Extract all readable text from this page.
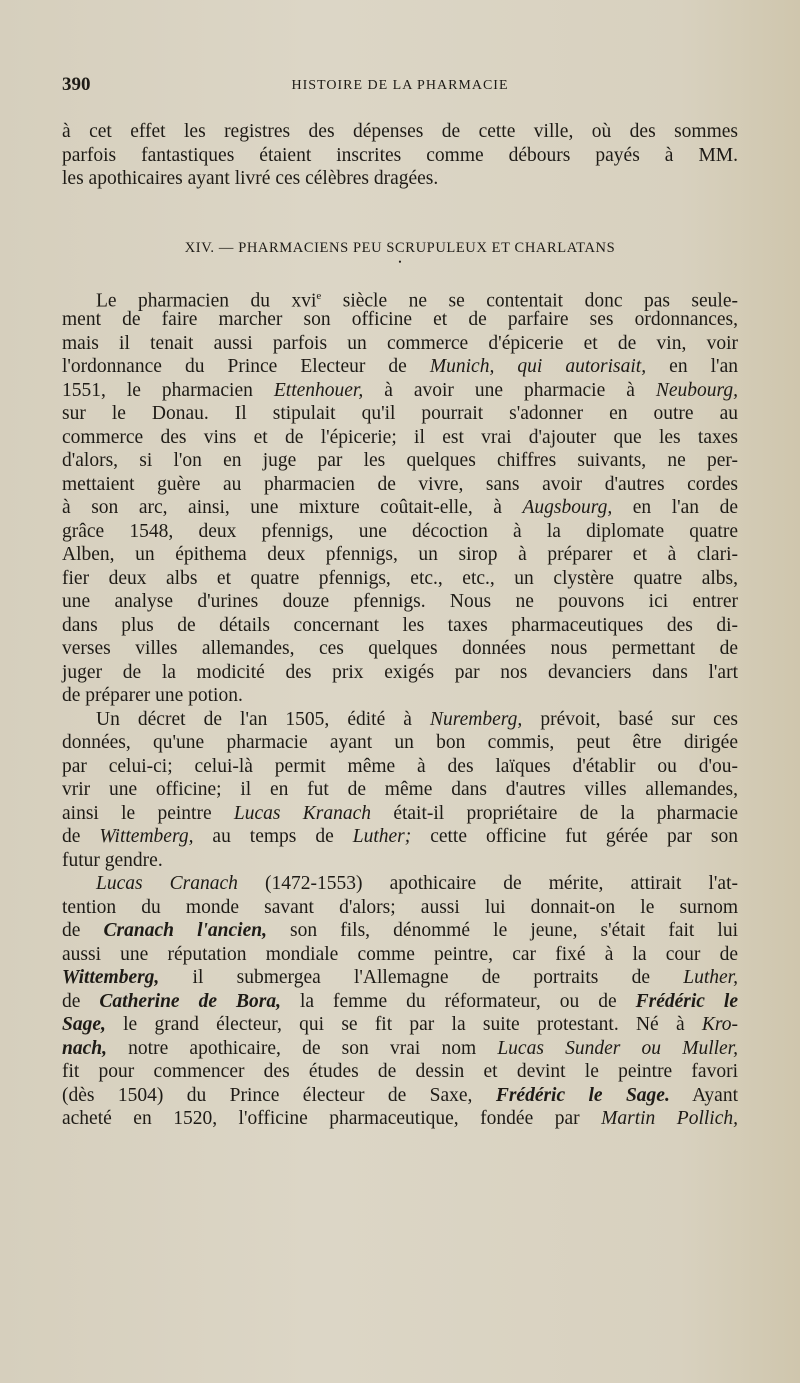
390	HISTOIRE DE LA PHARMACIE
à cet effet les registres des dépenses de cette ville, où des sommes
parfois fantastiques étaient inscrites comme débours payés à MM.
les apothicaires ayant livré ces célèbres dragées.
XIV. — PHARMACIENS PEU SCRUPULEUX ET CHARLATANS
•
Le pharmacien du xvi$^e$ siècle ne se contentait donc pas seule-
ment de faire marcher son officine et de parfaire ses ordonnances,
mais il tenait aussi parfois un commerce d'épicerie et de vin, voir
l'ordonnance du Prince Electeur de Munich, qui autorisait, en l'an
1551, le pharmacien Ettenhouer, à avoir une pharmacie à Neubourg,
sur le Donau. Il stipulait qu'il pourrait s'adonner en outre au
commerce des vins et de l'épicerie; il est vrai d'ajouter que les taxes
d'alors, si l'on en juge par les quelques chiffres suivants, ne per-
mettaient guère au pharmacien de vivre, sans avoir d'autres cordes
à son arc, ainsi, une mixture coûtait-elle, à Augsbourg, en l'an de
grâce 1548, deux pfennigs, une décoction à la diplomate quatre
Alben, un épithema deux pfennigs, un sirop à préparer et à clari-
fier deux albs et quatre pfennigs, etc., etc., un clystère quatre albs,
une analyse d'urines douze pfennigs. Nous ne pouvons ici entrer
dans plus de détails concernant les taxes pharmaceutiques des di-
verses villes allemandes, ces quelques données nous permettant de
juger de la modicité des prix exigés par nos devanciers dans l'art
de préparer une potion.
Un décret de l'an 1505, édité à Nuremberg, prévoit, basé sur ces
données, qu'une pharmacie ayant un bon commis, peut être dirigée
par celui-ci; celui-là permit même à des laïques d'établir ou d'ou-
vrir une officine; il en fut de même dans d'autres villes allemandes,
ainsi le peintre Lucas Kranach était-il propriétaire de la pharmacie
de Wittemberg, au temps de Luther; cette officine fut gérée par son
futur gendre.
Lucas Cranach (1472-1553) apothicaire de mérite, attirait l'at-
tention du monde savant d'alors; aussi lui donnait-on le surnom
de Cranach l'ancien, son fils, dénommé le jeune, s'était fait lui
aussi une réputation mondiale comme peintre, car fixé à la cour de
Wittemberg, il submergea l'Allemagne de portraits de Luther,
de Catherine de Bora, la femme du réformateur, ou de Frédéric le
Sage, le grand électeur, qui se fit par la suite protestant. Né à Kro-
nach, notre apothicaire, de son vrai nom Lucas Sunder ou Muller,
fit pour commencer des études de dessin et devint le peintre favori
(dès 1504) du Prince électeur de Saxe, Frédéric le Sage. Ayant
acheté en 1520, l'officine pharmaceutique, fondée par Martin Pollich,
